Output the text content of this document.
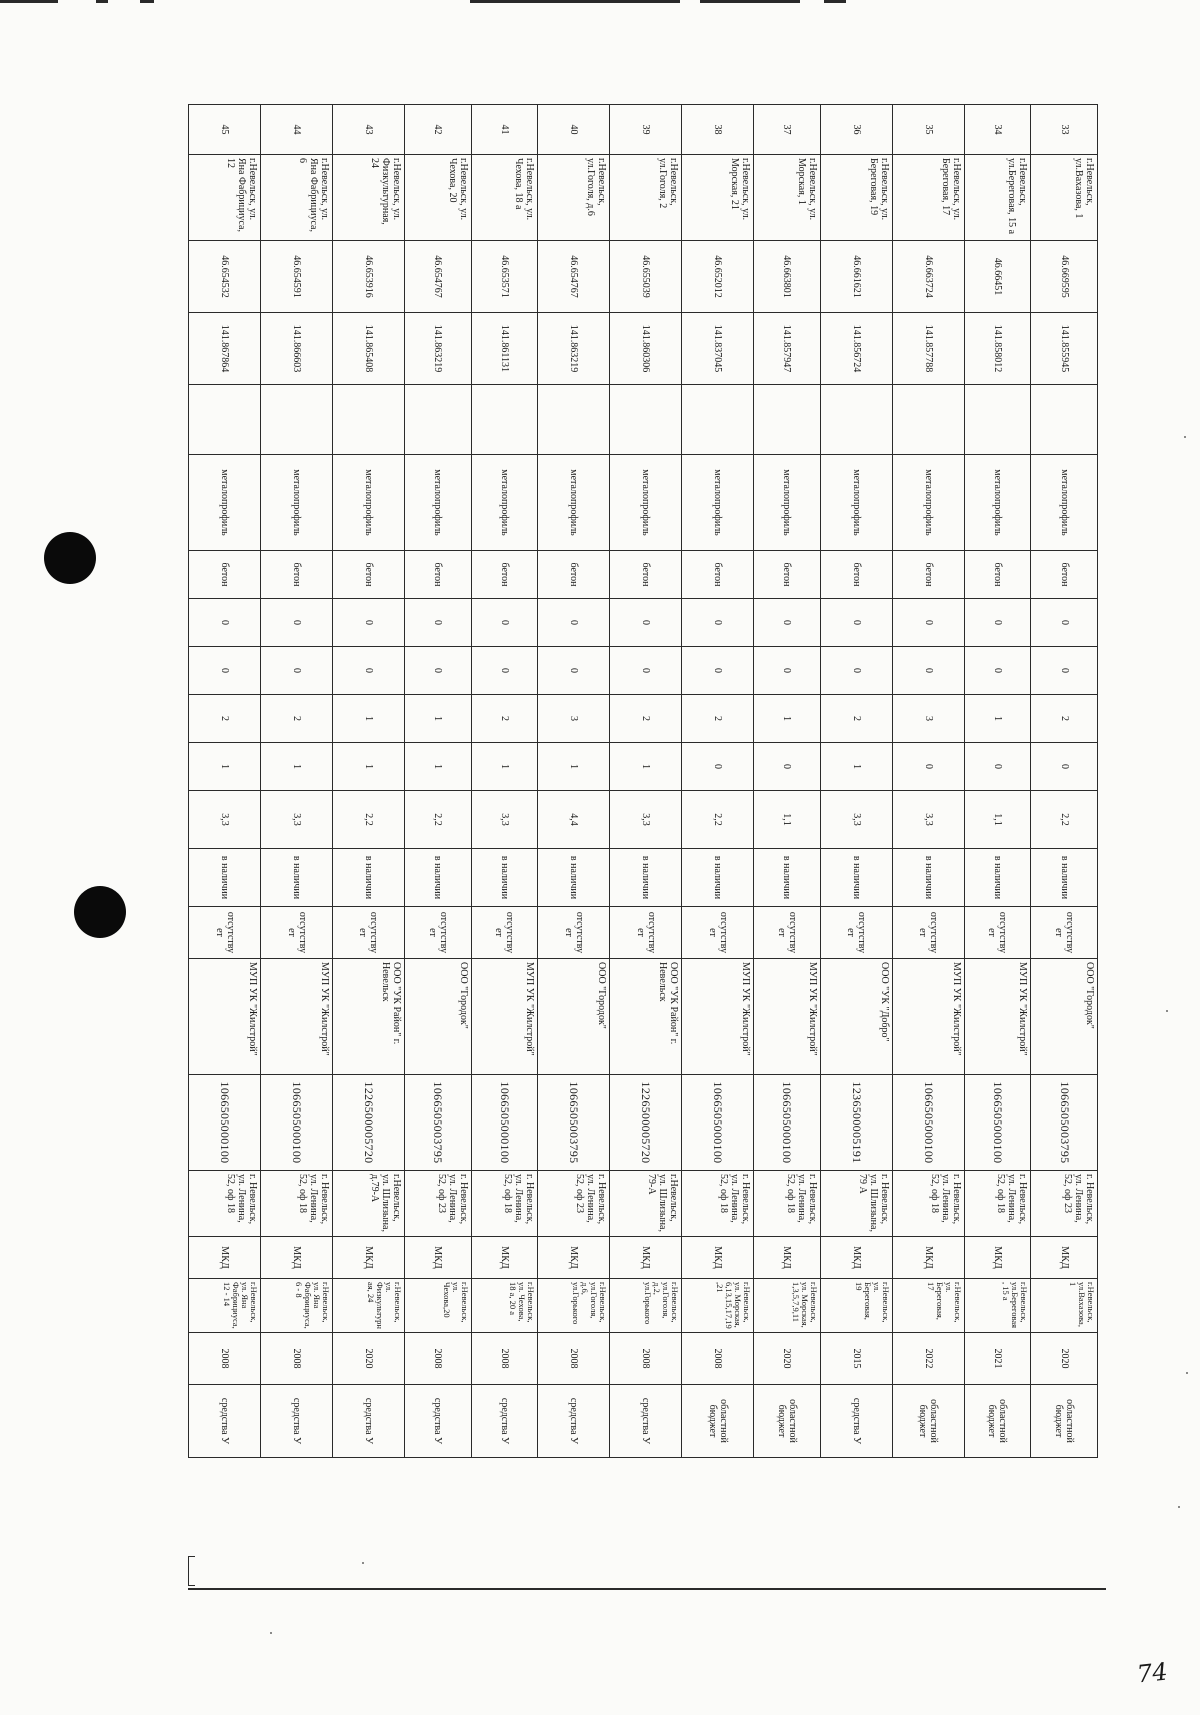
33	г.Невельск, ул.Вахазова, 1	46.669595	141.855945		металопрофиль	бетон	0	0	2	0	2,2	в наличии	отсутствует	ООО "Городок"	1066505003795	г. Невельск, ул. Ленина, 52, оф 23	МКД	г.Невельск, ул.Вахазова, 1	2020	областной бюджет
34	г.Невельск, ул.Береговая, 15 а	46.66451	141.858012		металопрофиль	бетон	0	0	1	0	1,1	в наличии	отсутствует	МУП УК "Жилстрой"	1066505000100	г. Невельск, ул. Ленина, 52, оф 18	МКД	г.Невельск, ул.Береговая, 15 а	2021	областной бюджет
35	г.Невельск, ул. Береговая, 17	46.663724	141.857788		металопрофиль	бетон	0	0	3	0	3,3	в наличии	отсутствует	МУП УК "Жилстрой"	1066505000100	г. Невельск, ул. Ленина, 52, оф 18	МКД	г.Невельск, ул. Береговая, 17	2022	областной бюджет
36	г.Невельск, ул. Береговая, 19	46.661621	141.856724		металопрофиль	бетон	0	0	2	1	3,3	в наличии	отсутствует	ООО "УК "Добро"	1236500005191	г. Невельск, ул. Шлизына, 79 А	МКД	г.Невельск, ул. Береговая, 19	2015	средства У
37	г.Невельск, ул. Морская, 1	46.663801	141.857947		металопрофиль	бетон	0	0	1	0	1,1	в наличии	отсутствует	МУП УК "Жилстрой"	1066505000100	г. Невельск, ул. Ленина, 52, оф 18	МКД	г.Невельск, ул. Морская, 1,3,5,7,9,11	2020	областной бюджет
38	г.Невельск, ул. Морская, 21	46.652012	141.837045		металопрофиль	бетон	0	0	2	0	2,2	в наличии	отсутствует	МУП УК "Жилстрой"	1066505000100	г. Невельск, ул. Ленина, 52, оф 18	МКД	г.Невельск, ул. Морская, 6,13,15,17,19,21	2008	областной бюджет
39	г.Невельск, ул.Гоголя, 2	46.655039	141.860306		металопрофиль	бетон	0	0	2	1	3,3	в наличии	отсутствует	ООО "УК Район" г. Невельск	1226500005720	г.Невельск, ул. Шлизына, 79-А	МКД	г.Невельск, ул.Гоголя, д.2, ул.Горького	2008	средства У
40	г.Невельск, ул.Гоголя, д.6	46.654767	141.863219		металопрофиль	бетон	0	0	3	1	4,4	в наличии	отсутствует	ООО "Городок"	1066505003795	г. Невельск, ул. Ленина, 52, оф 23	МКД	г.Невельск, ул.Гоголя, д.6, ул.Горького	2008	средства У
41	г.Невельск, ул. Чехова, 18 а	46.653571	141.861131		металопрофиль	бетон	0	0	2	1	3,3	в наличии	отсутствует	МУП УК "Жилстрой"	1066505000100	г. Невельск, ул. Ленина, 52, оф 18	МКД	г.Невельск, ул. Чехова, 18 а, 20 а	2008	средства У
42	г.Невельск, ул. Чехова, 20	46.654767	141.863219		металопрофиль	бетон	0	0	1	1	2,2	в наличии	отсутствует	ООО "Городок"	1066505003795	г. Невельск, ул. Ленина, 52, оф 23	МКД	г.Невельск, ул. Чехова,20	2008	средства У
43	г.Невельск, ул. Физкультурная, 24	46.653916	141.865408		металопрофиль	бетон	0	0	1	1	2,2	в наличии	отсутствует	ООО "УК Район" г. Невельск	1226500005720	г.Невельск, ул. Шлизына, д.79-А	МКД	г.Невельск, ул. Физкультурная, 24	2020	средства У
44	г.Невельск, ул. Яна Фабрициуса, 6	46.654591	141.866603		металопрофиль	бетон	0	0	2	1	3,3	в наличии	отсутствует	МУП УК "Жилстрой"	1066505000100	г. Невельск, ул. Ленина, 52, оф 18	МКД	г.Невельск, ул. Яна Фабрициуса, 6 - 8	2008	средства У
45	г.Невельск, ул. Яна Фабрициуса, 12	46.654532	141.867864		металопрофиль	бетон	0	0	2	1	3,3	в наличии	отсутствует	МУП УК "Жилстрой"	1066505000100	г. Невельск, ул. Ленина, 52, оф 18	МКД	г.Невельск, ул. Яна Фабрициуса, 12 - 14	2008	средства У
74
